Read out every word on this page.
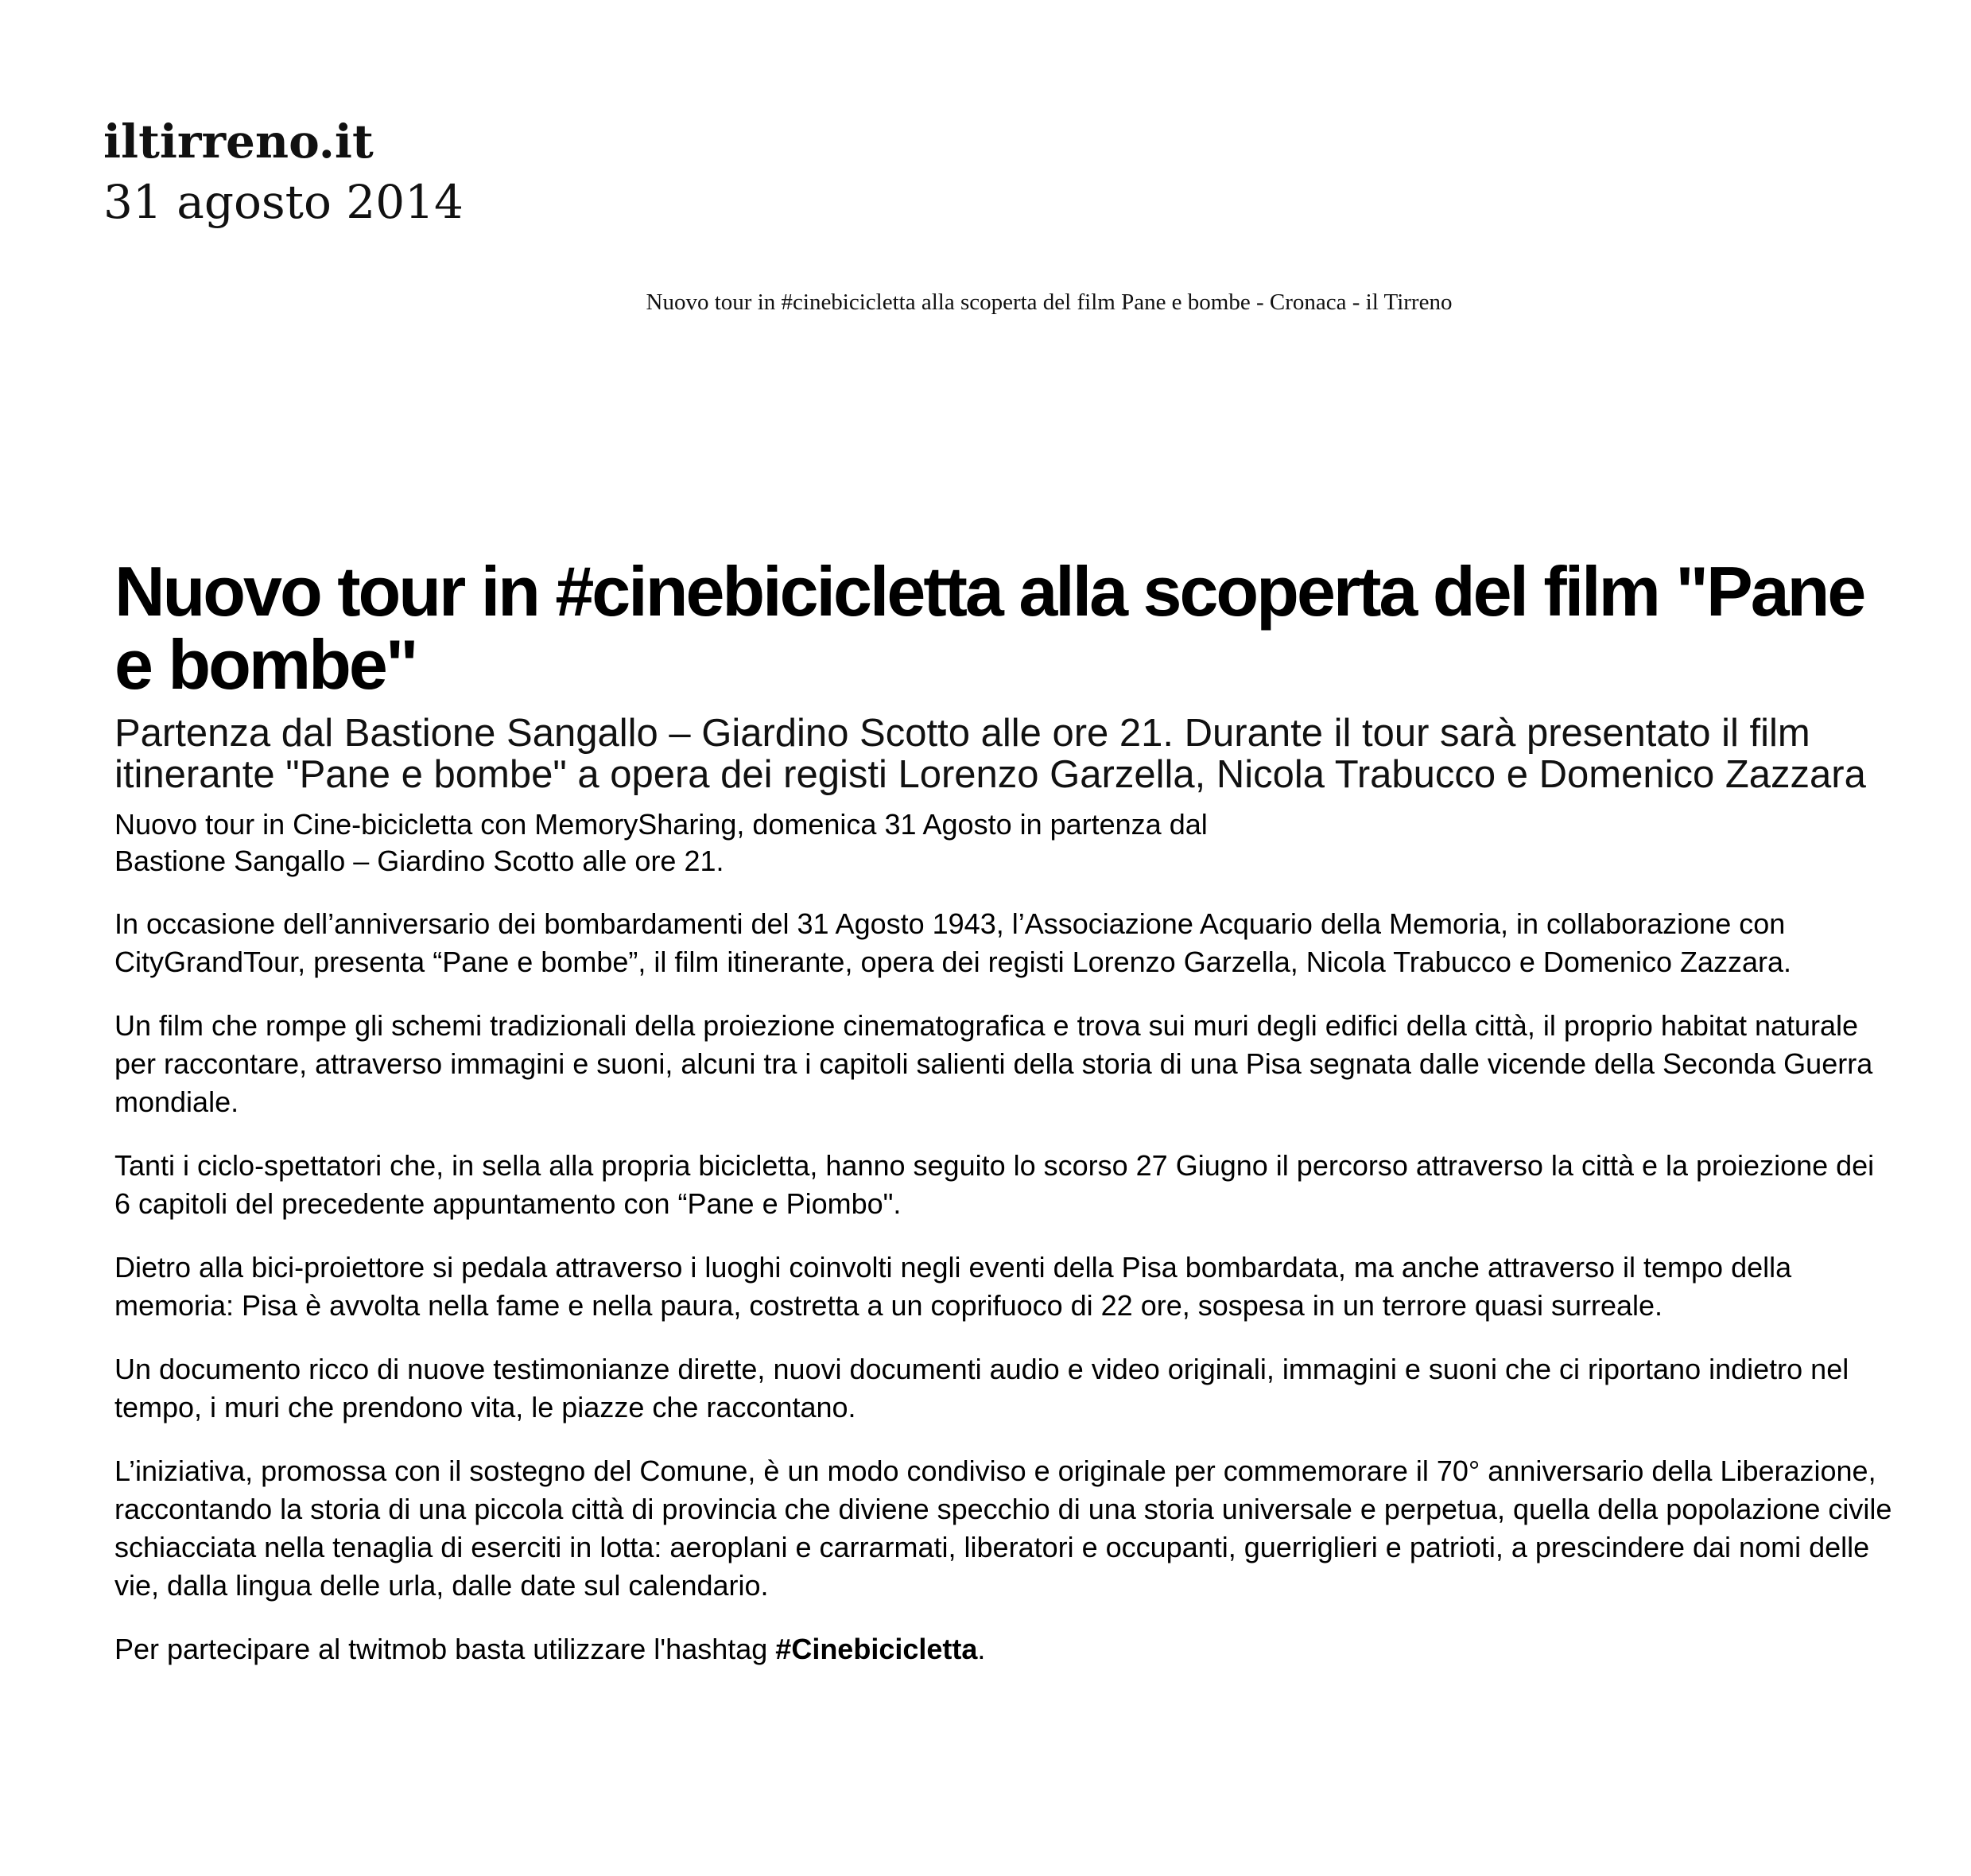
iltirreno.it
31 agosto 2014
Nuovo tour in #cinebicicletta alla scoperta del film Pane e bombe - Cronaca - il Tirreno
Nuovo tour in #cinebicicletta alla scoperta del film "Pane e bombe"

Partenza dal Bastione Sangallo – Giardino Scotto alle ore 21. Durante il tour sarà presentato il film itinerante "Pane e bombe" a opera dei registi Lorenzo Garzella, Nicola Trabucco e Domenico Zazzara

Nuovo tour in Cine-bicicletta con MemorySharing, domenica 31 Agosto in partenza dal Bastione Sangallo – Giardino Scotto alle ore 21.

In occasione dell’anniversario dei bombardamenti del 31 Agosto 1943, l’Associazione Acquario della Memoria, in collaborazione con CityGrandTour, presenta “Pane e bombe”, il film itinerante, opera dei registi Lorenzo Garzella, Nicola Trabucco e Domenico Zazzara.

Un film che rompe gli schemi tradizionali della proiezione cinematografica e trova sui muri degli edifici della città, il proprio habitat naturale per raccontare, attraverso immagini e suoni, alcuni tra i capitoli salienti della storia di una Pisa segnata dalle vicende della Seconda Guerra mondiale.

Tanti i ciclo-spettatori che, in sella alla propria bicicletta, hanno seguito lo scorso 27 Giugno il percorso attraverso la città e la proiezione dei 6 capitoli del precedente appuntamento con “Pane e Piombo".

Dietro alla bici-proiettore si pedala attraverso i luoghi coinvolti negli eventi della Pisa bombardata, ma anche attraverso il tempo della memoria: Pisa è avvolta nella fame e nella paura, costretta a un coprifuoco di 22 ore, sospesa in un terrore quasi surreale.

Un documento ricco di nuove testimonianze dirette, nuovi documenti audio e video originali, immagini e suoni che ci riportano indietro nel tempo, i muri che prendono vita, le piazze che raccontano.

L’iniziativa, promossa con il sostegno del Comune, è un modo condiviso e originale per commemorare il 70° anniversario della Liberazione, raccontando la storia di una piccola città di provincia che diviene specchio di una storia universale e perpetua, quella della popolazione civile schiacciata nella tenaglia di eserciti in lotta: aeroplani e carrarmati, liberatori e occupanti, guerriglieri e patrioti, a prescindere dai nomi delle vie, dalla lingua delle urla, dalle date sul calendario.

Per partecipare al twitmob basta utilizzare l'hashtag #Cinebicicletta.
